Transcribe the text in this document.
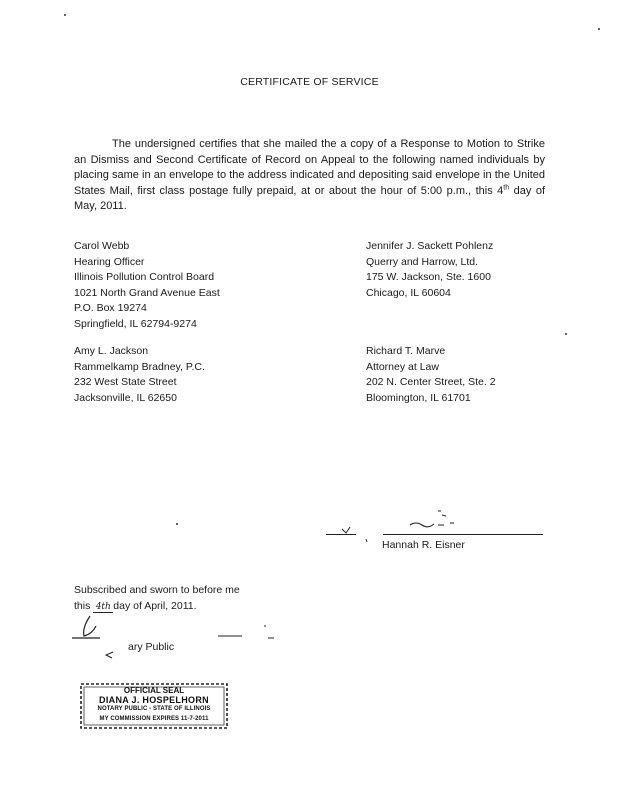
CERTIFICATE OF SERVICE
The undersigned certifies that she mailed the a copy of a Response to Motion to Strike an Dismiss and Second Certificate of Record on Appeal to the following named individuals by placing same in an envelope to the address indicated and depositing said envelope in the United States Mail, first class postage fully prepaid, at or about the hour of 5:00 p.m., this 4th day of May, 2011.
Carol Webb
Hearing Officer
Illinois Pollution Control Board
1021 North Grand Avenue East
P.O. Box 19274
Springfield, IL 62794-9274
Jennifer J. Sackett Pohlenz
Querry and Harrow, Ltd.
175 W. Jackson, Ste. 1600
Chicago, IL 60604
Amy L. Jackson
Rammelkamp Bradney, P.C.
232 West State Street
Jacksonville, IL 62650
Richard T. Marve
Attorney at Law
202 N. Center Street, Ste. 2
Bloomington, IL 61701
Hannah R. Eisner
Subscribed and sworn to before me
this 4th day of April, 2011.
ary Public
OFFICIAL SEAL
DIANA J. HOSPELHORN
NOTARY PUBLIC - STATE OF ILLINOIS
MY COMMISSION EXPIRES 11-7-2011
